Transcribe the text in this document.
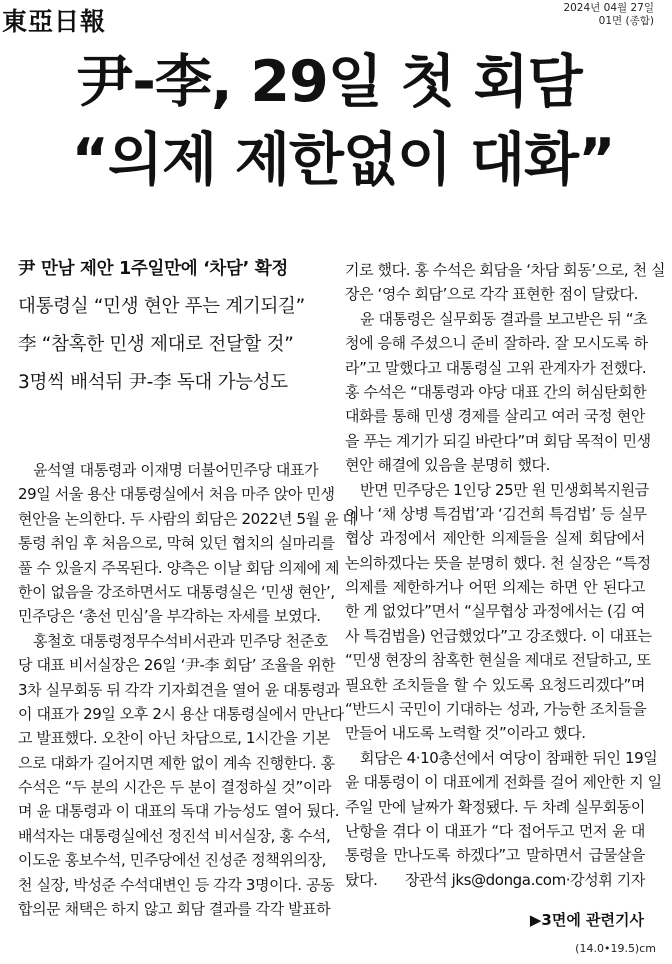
東亞日報	2024년 04월 27일
01면 (종합)
尹-李, 29일 첫 회담
“의제 제한없이 대화”
尹 만남 제안 1주일만에 ‘차담’ 확정
대통령실 “민생 현안 푸는 계기되길”
李 “참혹한 민생 제대로 전달할 것”
3명씩 배석뒤 尹-李 독대 가능성도
윤석열 대통령과 이재명 더불어민주당 대표가
29일 서울 용산 대통령실에서 처음 마주 앉아 민생
현안을 논의한다. 두 사람의 회담은 2022년 5월 윤 대
통령 취임 후 처음으로, 막혀 있던 협치의 실마리를
풀 수 있을지 주목된다. 양측은 이날 회담 의제에 제
한이 없음을 강조하면서도 대통령실은 ‘민생 현안’,
민주당은 ‘총선 민심’을 부각하는 자세를 보였다.
홍철호 대통령정무수석비서관과 민주당 천준호
당 대표 비서실장은 26일 ‘尹-李 회담’ 조율을 위한
3차 실무회동 뒤 각각 기자회견을 열어 윤 대통령과
이 대표가 29일 오후 2시 용산 대통령실에서 만난다
고 발표했다. 오찬이 아닌 차담으로, 1시간을 기본
으로 대화가 길어지면 제한 없이 계속 진행한다. 홍
수석은 “두 분의 시간은 두 분이 결정하실 것”이라
며 윤 대통령과 이 대표의 독대 가능성도 열어 뒀다.
배석자는 대통령실에선 정진석 비서실장, 홍 수석,
이도운 홍보수석, 민주당에선 진성준 정책위의장,
천 실장, 박성준 수석대변인 등 각각 3명이다. 공동
합의문 채택은 하지 않고 회담 결과를 각각 발표하
기로 했다. 홍 수석은 회담을 ‘차담 회동’으로, 천 실
장은 ‘영수 회담’으로 각각 표현한 점이 달랐다.
윤 대통령은 실무회동 결과를 보고받은 뒤 “초
청에 응해 주셨으니 준비 잘하라. 잘 모시도록 하
라”고 말했다고 대통령실 고위 관계자가 전했다.
홍 수석은 “대통령과 야당 대표 간의 허심탄회한
대화를 통해 민생 경제를 살리고 여러 국정 현안
을 푸는 계기가 되길 바란다”며 회담 목적이 민생
현안 해결에 있음을 분명히 했다.
반면 민주당은 1인당 25만 원 민생회복지원금
이나 ‘채 상병 특검법’과 ‘김건희 특검법’ 등 실무
협상 과정에서 제안한 의제들을 실제 회담에서
논의하겠다는 뜻을 분명히 했다. 천 실장은 “특정
의제를 제한하거나 어떤 의제는 하면 안 된다고
한 게 없었다”면서 “실무협상 과정에서는 (김 여
사 특검법을) 언급했었다”고 강조했다. 이 대표는
“민생 현장의 참혹한 현실을 제대로 전달하고, 또
필요한 조치들을 할 수 있도록 요청드리겠다”며
“반드시 국민이 기대하는 성과, 가능한 조치들을
만들어 내도록 노력할 것”이라고 했다.
회담은 4·10총선에서 여당이 참패한 뒤인 19일
윤 대통령이 이 대표에게 전화를 걸어 제안한 지 일
주일 만에 날짜가 확정됐다. 두 차례 실무회동이
난항을 겪다 이 대표가 “다 접어두고 먼저 윤 대
통령을 만나도록 하겠다”고 말하면서 급물살을
탔다. 장관석 jks@donga.com·강성휘 기자
▶3면에 관련기사
(14.0•19.5)cm
